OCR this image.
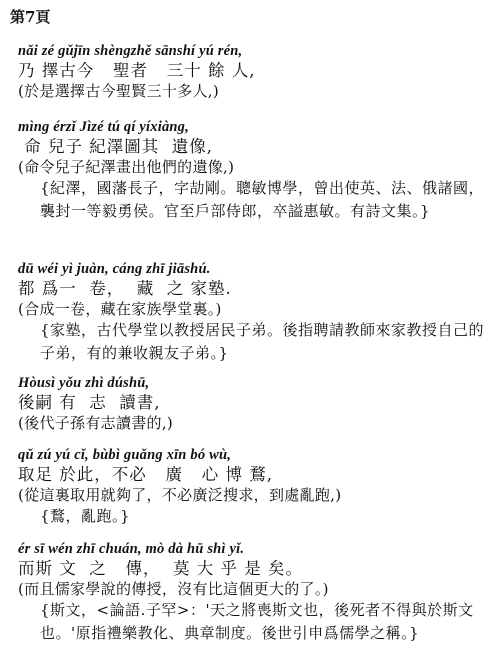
第7頁
nǎi zé gǔjīn shèngzhě sānshí yú rén,
乃 擇古今   聖者   三十 餘 人,
(於是選擇古今聖賢三十多人,)
mìng érzǐ Jìzé tú qí yíxiàng,
命 兒子 紀澤圖其  遺像,
(命令兒子紀澤畫出他們的遺像,)
{紀澤，國藩長子，字劼剛。聰敏博學，曾出使英、法、俄諸國，襲封一等毅勇侯。官至戶部侍郎，卒謚惠敏。有詩文集。}
dū wéi yì juàn, cáng zhī jiāshú.
都 爲一  卷，  藏  之 家塾.
(合成一卷，藏在家族學堂裏。)
{家塾，古代學堂以教授居民子弟。後指聘請教師來家教授自己的子弟，有的兼收親友子弟。}
Hòusì yǒu zhì dúshū,
後嗣 有  志  讀書,
(後代子孫有志讀書的,)
qǔ zú yú cǐ, bùbì guǎng xīn bó wù,
取足 於此，不必   廣   心 博 鶩,
(從這裏取用就夠了，不必廣泛搜求，到處亂跑,)
{鶩，亂跑。}
ér sī wén zhī chuán, mò dà hū shì yǐ.
而斯 文  之   傳，  莫 大 乎 是 矣。
(而且儒家學說的傳授，沒有比這個更大的了。)
{斯文，<論語.子罕>：'天之將喪斯文也，後死者不得與於斯文也。'原指禮樂教化、典章制度。後世引申爲儒學之稱。}
